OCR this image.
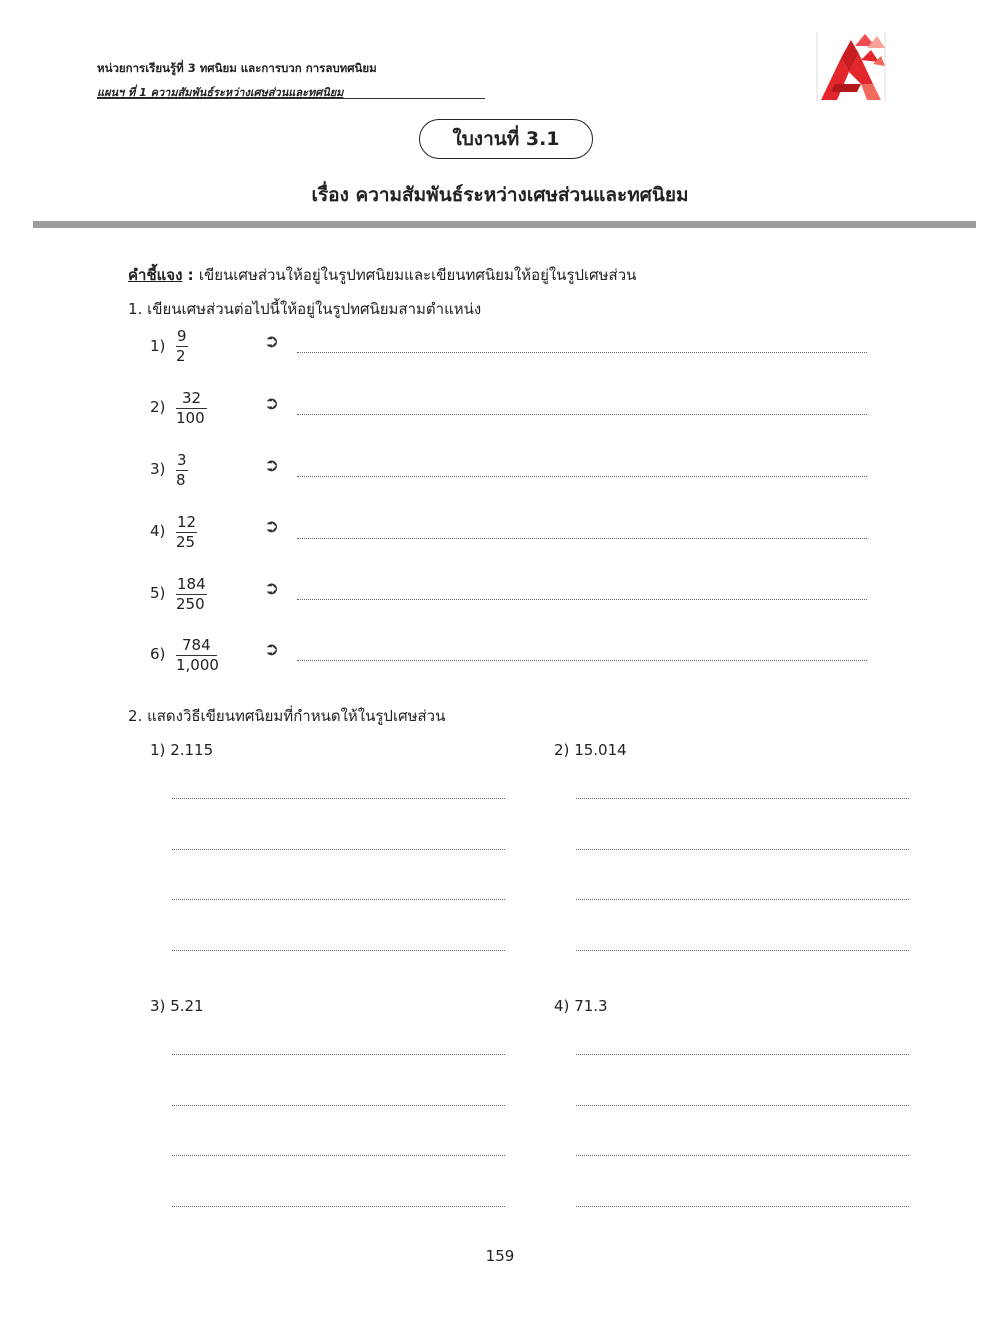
หน่วยการเรียนรู้ที่ 3 ทศนิยม และการบวก การลบทศนิยม
แผนฯ ที่ 1 ความสัมพันธ์ระหว่างเศษส่วนและทศนิยม
ใบงานที่ 3.1
เรื่อง ความสัมพันธ์ระหว่างเศษส่วนและทศนิยม
คำชี้แจง : เขียนเศษส่วนให้อยู่ในรูปทศนิยมและเขียนทศนิยมให้อยู่ในรูปเศษส่วน
1. เขียนเศษส่วนต่อไปนี้ให้อยู่ในรูปทศนิยมสามตำแหน่ง
$1) \frac{9}{2}$	➲
$2) \frac{32}{100}$	➲
$3) \frac{3}{8}$	➲
$4) \frac{12}{25}$	➲
$5) \frac{184}{250}$	➲
$6) \frac{784}{1,000}$	➲
2. แสดงวิธีเขียนทศนิยมที่กำหนดให้ในรูปเศษส่วน
1) 2.115	2) 15.014
3) 5.21	4) 71.3
159
